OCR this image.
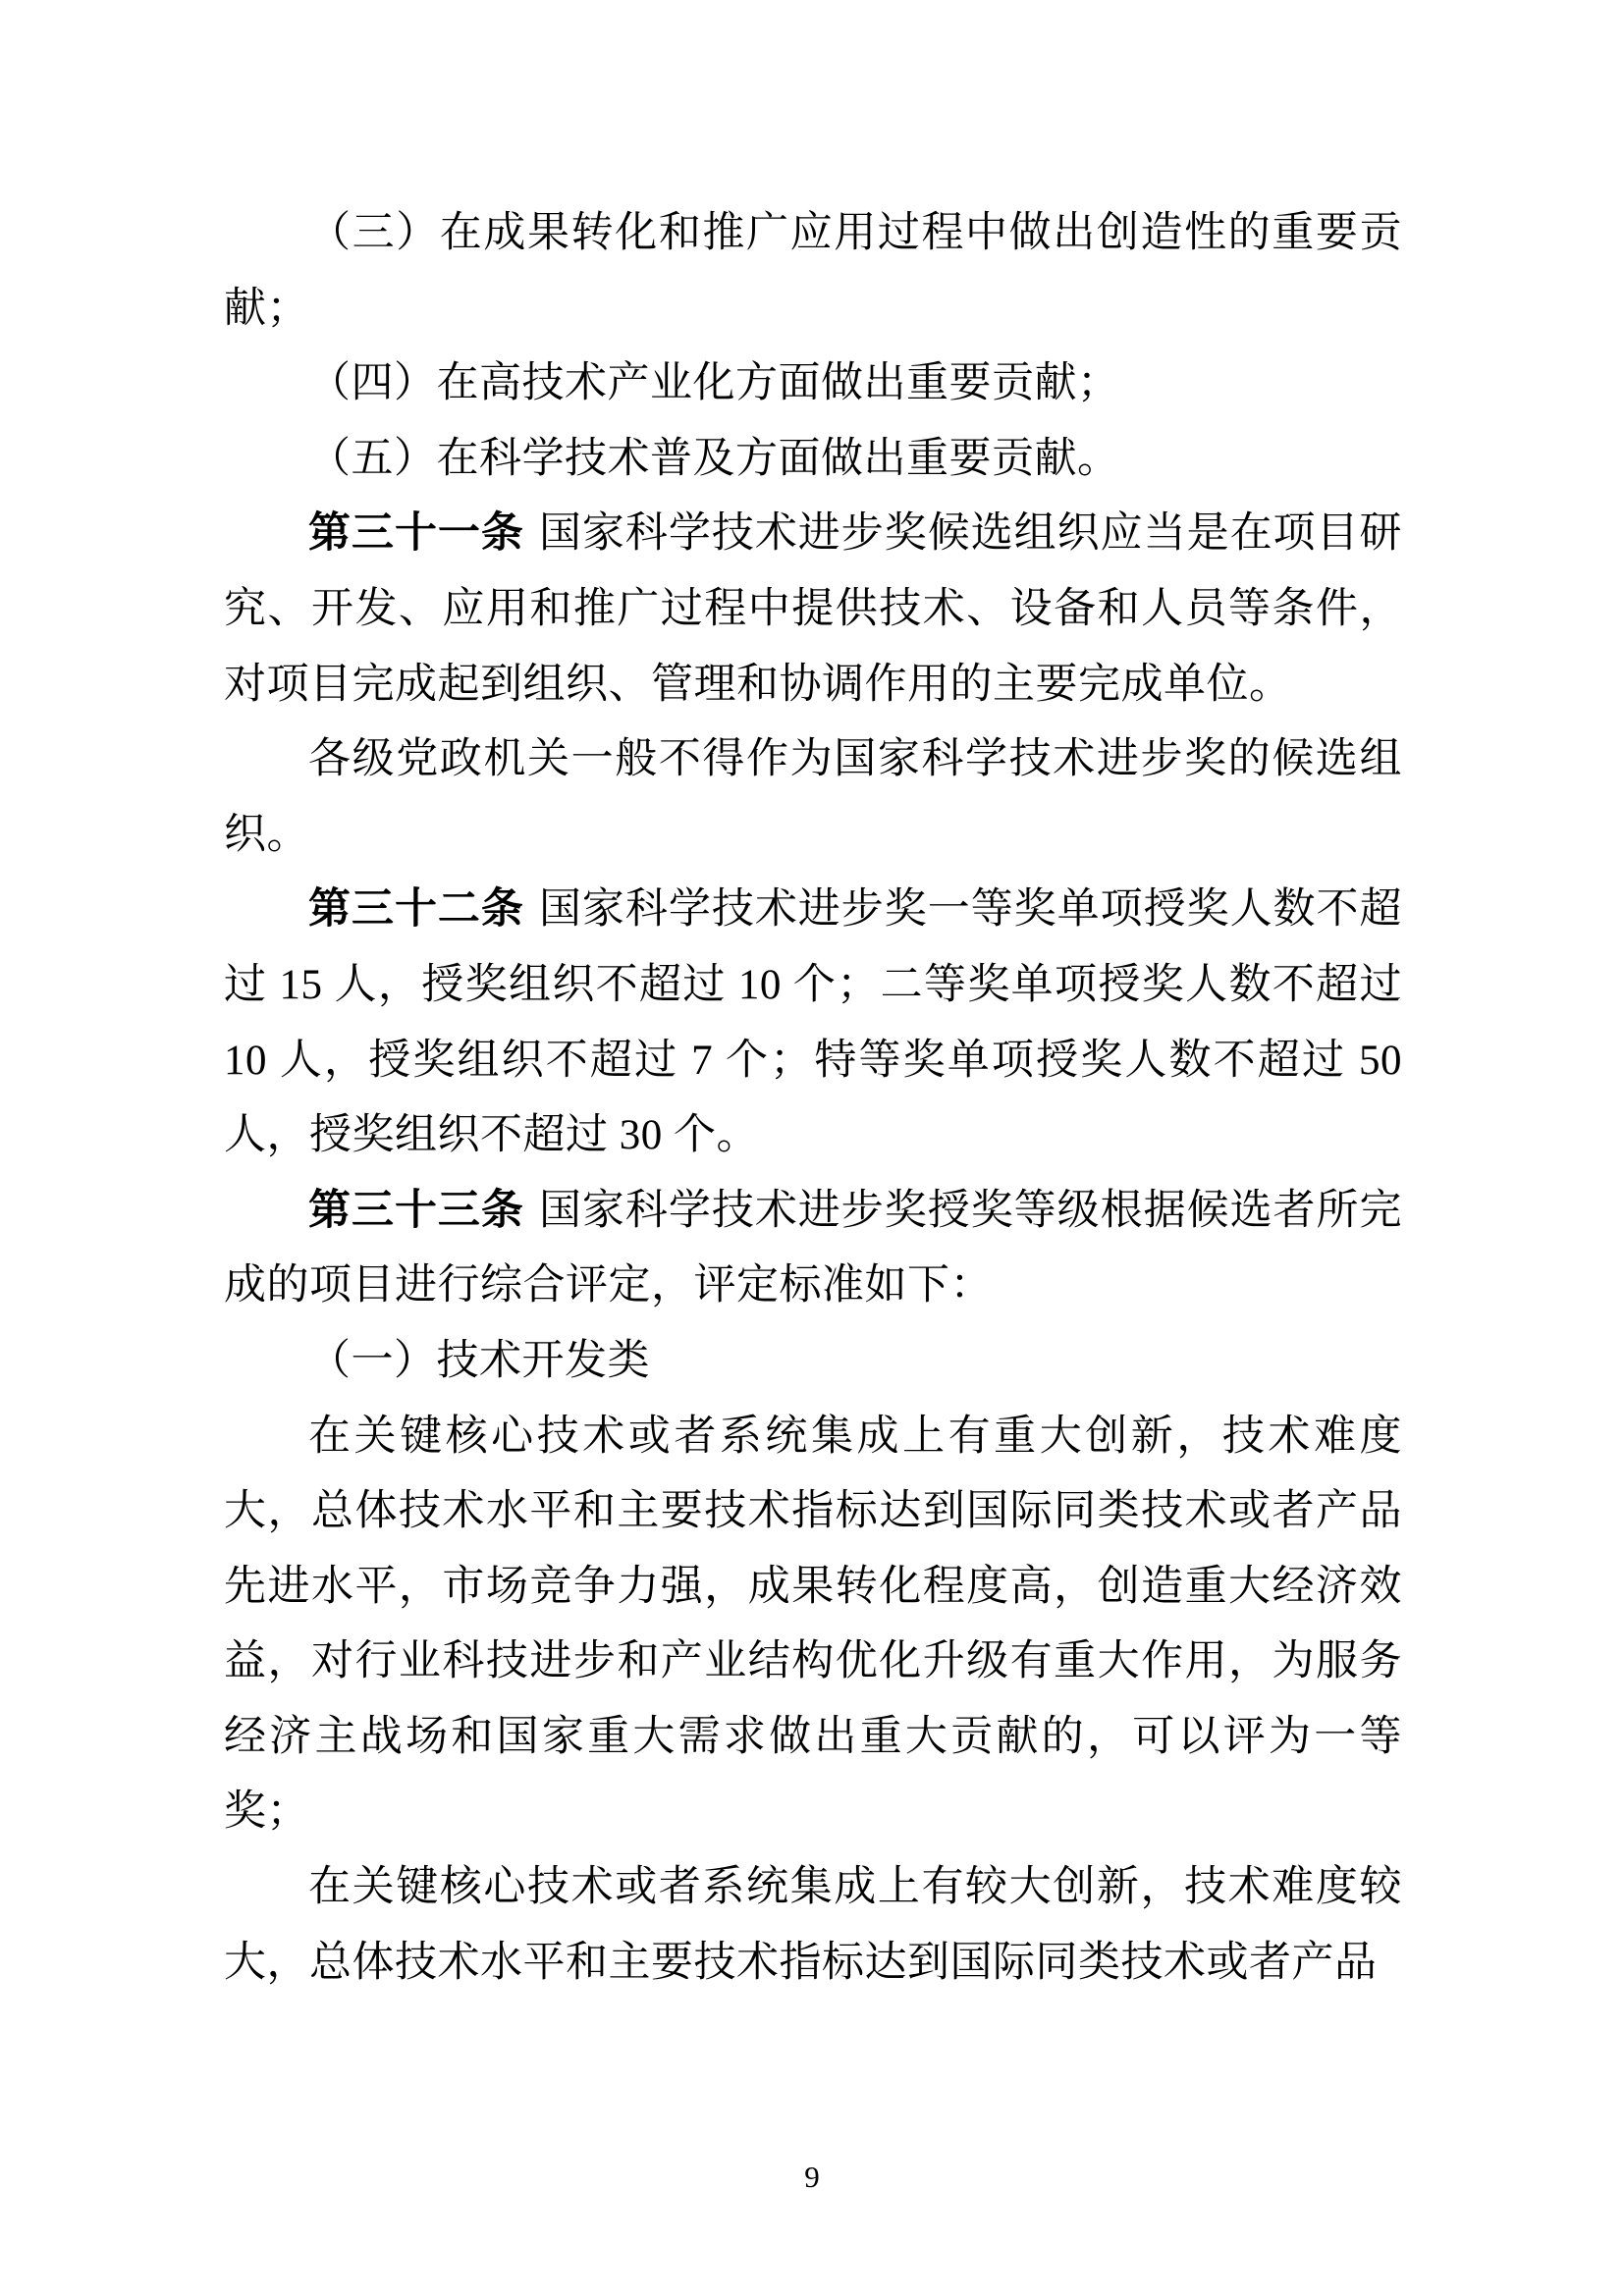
（三）在成果转化和推广应用过程中做出创造性的重要贡献；

（四）在高技术产业化方面做出重要贡献；

（五）在科学技术普及方面做出重要贡献。

第三十一条 国家科学技术进步奖候选组织应当是在项目研究、开发、应用和推广过程中提供技术、设备和人员等条件，对项目完成起到组织、管理和协调作用的主要完成单位。

各级党政机关一般不得作为国家科学技术进步奖的候选组织。

第三十二条 国家科学技术进步奖一等奖单项授奖人数不超过 15 人，授奖组织不超过 10 个；二等奖单项授奖人数不超过 10 人，授奖组织不超过 7 个；特等奖单项授奖人数不超过 50 人，授奖组织不超过 30 个。

第三十三条 国家科学技术进步奖授奖等级根据候选者所完成的项目进行综合评定，评定标准如下：

（一）技术开发类

在关键核心技术或者系统集成上有重大创新，技术难度大，总体技术水平和主要技术指标达到国际同类技术或者产品先进水平，市场竞争力强，成果转化程度高，创造重大经济效益，对行业科技进步和产业结构优化升级有重大作用，为服务经济主战场和国家重大需求做出重大贡献的，可以评为一等奖；

在关键核心技术或者系统集成上有较大创新，技术难度较大，总体技术水平和主要技术指标达到国际同类技术或者产品

9
